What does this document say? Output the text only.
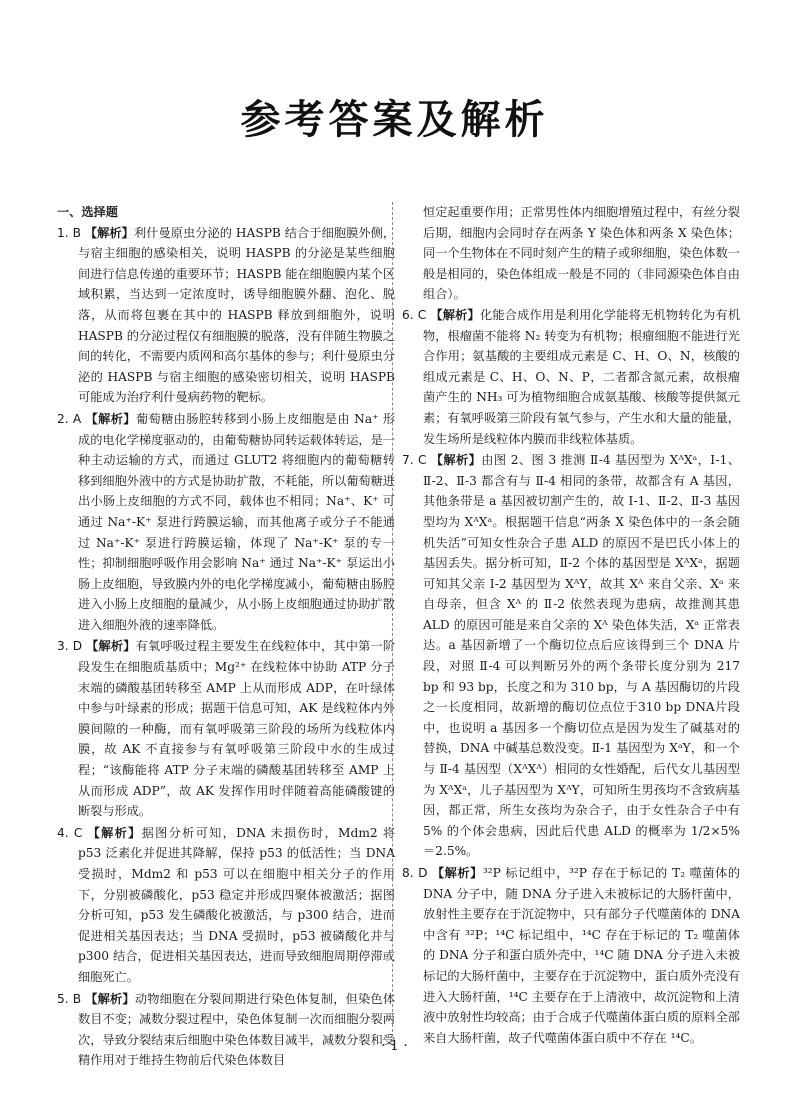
参考答案及解析

一、选择题

1. B 【解析】利什曼原虫分泌的 HASPB 结合于细胞膜外侧，与宿主细胞的感染相关，说明 HASPB 的分泌是某些细胞间进行信息传递的重要环节；HASPB 能在细胞膜内某个区域积累，当达到一定浓度时，诱导细胞膜外翻、泡化、脱落，从而将包裹在其中的 HASPB 释放到细胞外，说明 HASPB 的分泌过程仅有细胞膜的脱落，没有伴随生物膜之间的转化，不需要内质网和高尔基体的参与；利什曼原虫分泌的 HASPB 与宿主细胞的感染密切相关，说明 HASPB 可能成为治疗利什曼病药物的靶标。

2. A 【解析】葡萄糖由肠腔转移到小肠上皮细胞是由 Na⁺ 形成的电化学梯度驱动的，由葡萄糖协同转运载体转运，是一种主动运输的方式，而通过 GLUT2 将细胞内的葡萄糖转移到细胞外液中的方式是协助扩散，不耗能，所以葡萄糖进出小肠上皮细胞的方式不同，载体也不相同；Na⁺、K⁺ 可通过 Na⁺-K⁺ 泵进行跨膜运输，而其他离子或分子不能通过 Na⁺-K⁺ 泵进行跨膜运输，体现了 Na⁺-K⁺ 泵的专一性；抑制细胞呼吸作用会影响 Na⁺ 通过 Na⁺-K⁺ 泵运出小肠上皮细胞，导致膜内外的电化学梯度减小，葡萄糖由肠腔进入小肠上皮细胞的量减少，从小肠上皮细胞通过协助扩散进入细胞外液的速率降低。

3. D 【解析】有氧呼吸过程主要发生在线粒体中，其中第一阶段发生在细胞质基质中；Mg²⁺ 在线粒体中协助 ATP 分子末端的磷酸基团转移至 AMP 上从而形成 ADP，在叶绿体中参与叶绿素的形成；据题干信息可知，AK 是线粒体内外膜间隙的一种酶，而有氧呼吸第三阶段的场所为线粒体内膜，故 AK 不直接参与有氧呼吸第三阶段中水的生成过程；“该酶能将 ATP 分子末端的磷酸基团转移至 AMP 上从而形成 ADP”，故 AK 发挥作用时伴随着高能磷酸键的断裂与形成。

4. C 【解析】据图分析可知，DNA 未损伤时，Mdm2 将 p53 泛素化并促进其降解，保持 p53 的低活性；当 DNA 受损时，Mdm2 和 p53 可以在细胞中相关分子的作用下，分别被磷酸化，p53 稳定并形成四聚体被激活；据图分析可知，p53 发生磷酸化被激活，与 p300 结合，进而促进相关基因表达；当 DNA 受损时，p53 被磷酸化并与 p300 结合，促进相关基因表达，进而导致细胞周期停滞或细胞死亡。

5. B 【解析】动物细胞在分裂间期进行染色体复制，但染色体数目不变；减数分裂过程中，染色体复制一次而细胞分裂两次，导致分裂结束后细胞中染色体数目减半，减数分裂和受精作用对于维持生物前后代染色体数目

恒定起重要作用；正常男性体内细胞增殖过程中，有丝分裂后期，细胞内会同时存在两条 Y 染色体和两条 X 染色体；同一个生物体在不同时刻产生的精子或卵细胞，染色体数一般是相同的，染色体组成一般是不同的（非同源染色体自由组合）。

6. C 【解析】化能合成作用是利用化学能将无机物转化为有机物，根瘤菌不能将 N₂ 转变为有机物；根瘤细胞不能进行光合作用；氨基酸的主要组成元素是 C、H、O、N，核酸的组成元素是 C、H、O、N、P，二者都含氮元素，故根瘤菌产生的 NH₃ 可为植物细胞合成氨基酸、核酸等提供氮元素；有氧呼吸第三阶段有氧气参与，产生水和大量的能量，发生场所是线粒体内膜而非线粒体基质。

7. C 【解析】由图 2、图 3 推测 Ⅱ-4 基因型为 XᴬXᵃ，Ⅰ-1、Ⅱ-2、Ⅱ-3 都含有与 Ⅱ-4 相同的条带，故都含有 A 基因，其他条带是 a 基因被切割产生的，故 Ⅰ-1、Ⅱ-2、Ⅱ-3 基因型均为 XᴬXᵃ。根据题干信息“两条 X 染色体中的一条会随机失活”可知女性杂合子患 ALD 的原因不是巴氏小体上的基因丢失。据分析可知，Ⅱ-2 个体的基因型是 XᴬXᵃ，据题可知其父亲 Ⅰ-2 基因型为 XᴬY，故其 Xᴬ 来自父亲、Xᵃ 来自母亲，但含 Xᴬ 的 Ⅱ-2 依然表现为患病，故推测其患 ALD 的原因可能是来自父亲的 Xᴬ 染色体失活，Xᵃ 正常表达。a 基因新增了一个酶切位点后应该得到三个 DNA 片段，对照 Ⅱ-4 可以判断另外的两个条带长度分别为 217 bp 和 93 bp，长度之和为 310 bp，与 A 基因酶切的片段之一长度相同，故新增的酶切位点位于310 bp DNA片段中，也说明 a 基因多一个酶切位点是因为发生了碱基对的替换，DNA 中碱基总数没变。Ⅱ-1 基因型为 XᵃY，和一个与 Ⅱ-4 基因型（XᴬXᴬ）相同的女性婚配，后代女儿基因型为 XᴬXᵃ，儿子基因型为 XᴬY，可知所生男孩均不含致病基因，都正常，所生女孩均为杂合子，由于女性杂合子中有 5% 的个体会患病，因此后代患 ALD 的概率为 1/2×5%＝2.5%。

8. D 【解析】³²P 标记组中，³²P 存在于标记的 T₂ 噬菌体的 DNA 分子中，随 DNA 分子进入未被标记的大肠杆菌中，放射性主要存在于沉淀物中，只有部分子代噬菌体的 DNA 中含有 ³²P；¹⁴C 标记组中，¹⁴C 存在于标记的 T₂ 噬菌体的 DNA 分子和蛋白质外壳中，¹⁴C 随 DNA 分子进入未被标记的大肠杆菌中，主要存在于沉淀物中，蛋白质外壳没有进入大肠杆菌，¹⁴C 主要存在于上清液中，故沉淀物和上清液中放射性均较高；由于合成子代噬菌体蛋白质的原料全部来自大肠杆菌，故子代噬菌体蛋白质中不存在 ¹⁴C。

· 1 ·
